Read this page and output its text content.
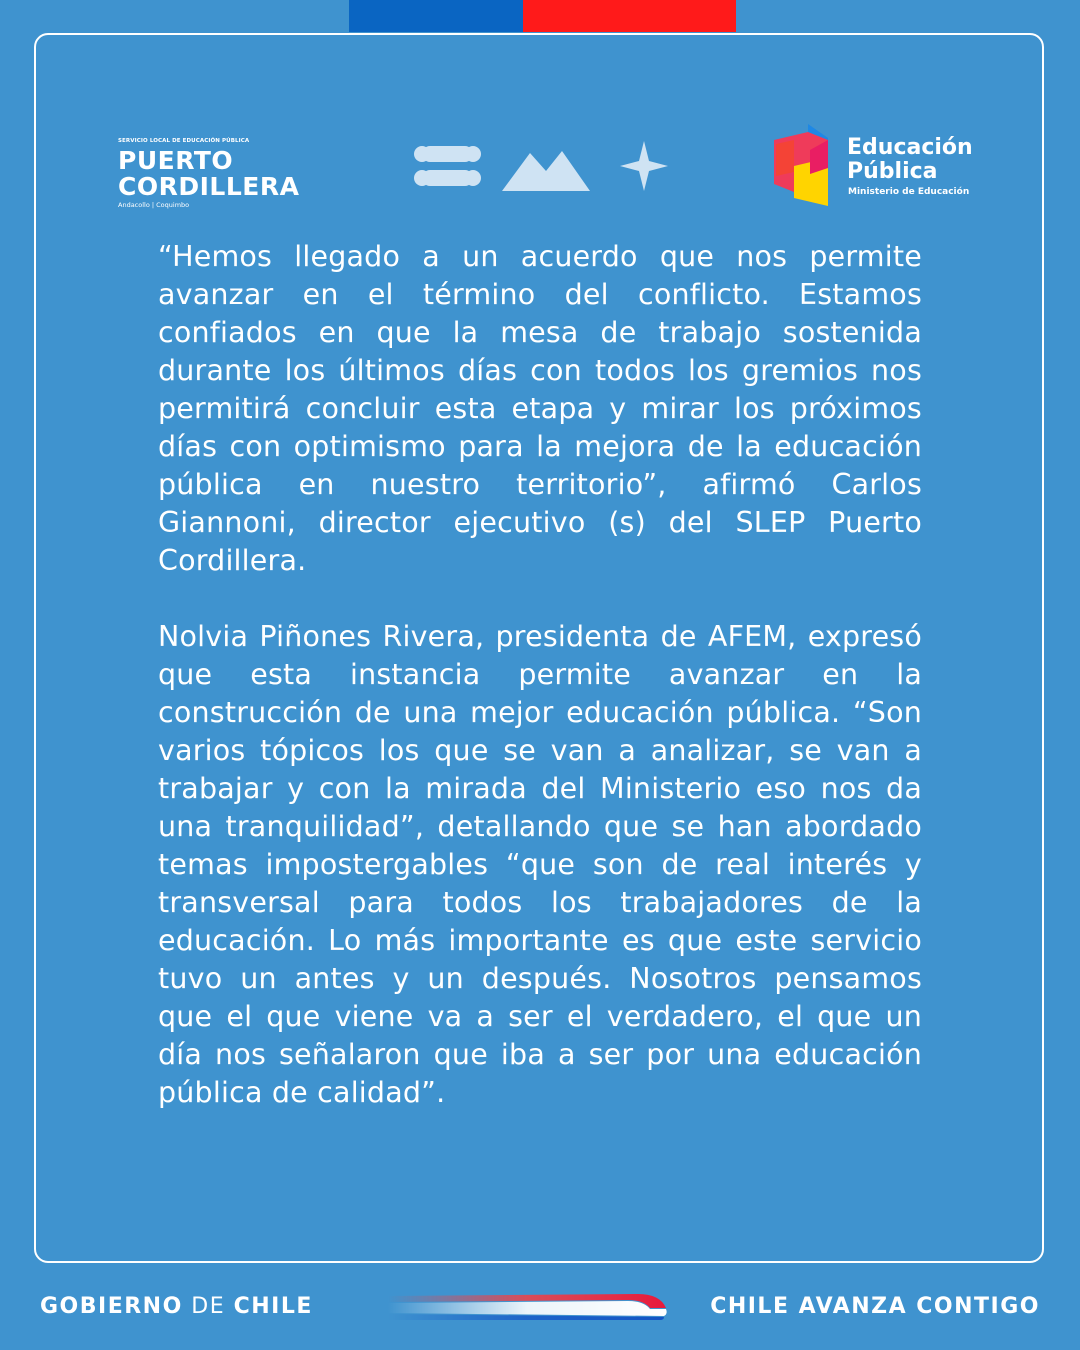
SERVICIO LOCAL DE EDUCACIÓN PÚBLICA
PUERTO
CORDILLERA
Andacollo | Coquimbo
Educación
Pública
Ministerio de Educación

“Hemos llegado a un acuerdo que nos permite avanzar en el término del conflicto. Estamos confiados en que la mesa de trabajo sostenida durante los últimos días con todos los gremios nos permitirá concluir esta etapa y mirar los próximos días con optimismo para la mejora de la educación pública en nuestro territorio”, afirmó Carlos Giannoni, director ejecutivo (s) del SLEP Puerto Cordillera.

Nolvia Piñones Rivera, presidenta de AFEM, expresó que esta instancia permite avanzar en la construcción de una mejor educación pública. “Son varios tópicos los que se van a analizar, se van a trabajar y con la mirada del Ministerio eso nos da una tranquilidad”, detallando que se han abordado temas impostergables “que son de real interés y transversal para todos los trabajadores de la educación. Lo más importante es que este servicio tuvo un antes y un después. Nosotros pensamos que el que viene va a ser el verdadero, el que un día nos señalaron que iba a ser por una educación pública de calidad”.

GOBIERNO DE CHILE	CHILE AVANZA CONTIGO
